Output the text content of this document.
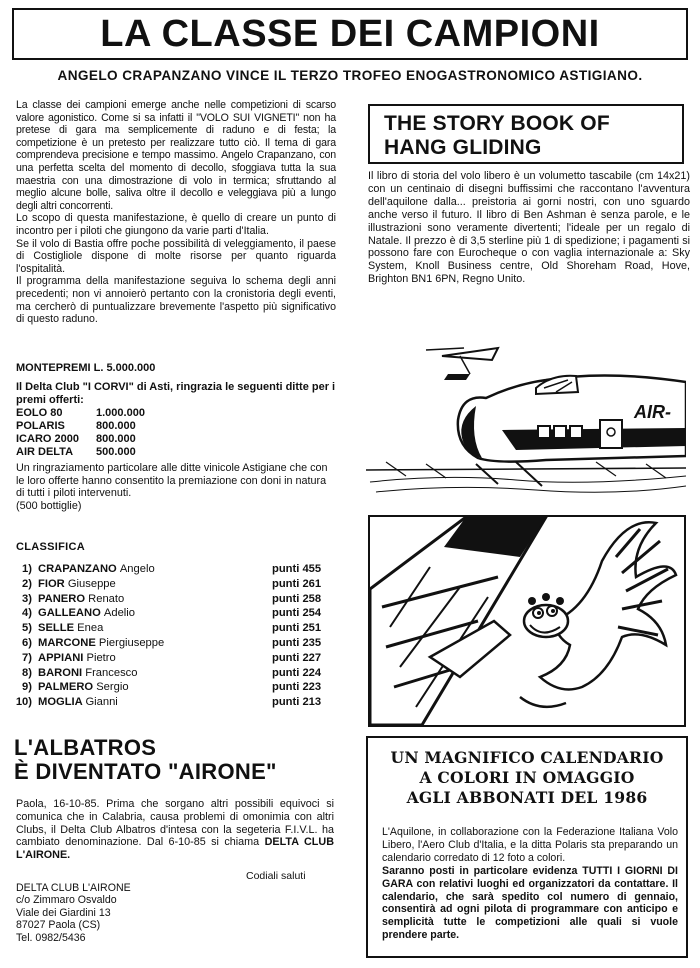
LA CLASSE DEI CAMPIONI
ANGELO CRAPANZANO VINCE IL TERZO TROFEO ENOGASTRONOMICO ASTIGIANO.

La classe dei campioni emerge anche nelle competizioni di scarso valore agonistico. Come si sa infatti il "VOLO SUI VIGNETI" non ha pretese di gara ma semplicemente di raduno e di festa; la competizione è un pretesto per realizzare tutto ciò. Il tema di gara comprendeva precisione e tempo massimo. Angelo Crapanzano, con una perfetta scelta del momento di decollo, sfoggiava tutta la sua maestria con una dimostrazione di volo in termica; sfruttando al meglio alcune bolle, saliva oltre il decollo e veleggiava più a lungo degli altri concorrenti.

Lo scopo di questa manifestazione, è quello di creare un punto di incontro per i piloti che giungono da varie parti d'Italia.

Se il volo di Bastia offre poche possibilità di veleggiamento, il paese di Costigliole dispone di molte risorse per quanto riguarda l'ospitalità.

Il programma della manifestazione seguiva lo schema degli anni precedenti; non vi annoierò pertanto con la cronistoria degli eventi, ma cercherò di puntualizzare brevemente l'aspetto più significativo di questo raduno.

MONTEPREMI L. 5.000.000
Il Delta Club "I CORVI" di Asti, ringrazia le seguenti ditte per i premi offerti:
EOLO 80	1.000.000
POLARIS	800.000
ICARO 2000	800.000
AIR DELTA	500.000
Un ringraziamento particolare alle ditte vinicole Astigiane che con le loro offerte hanno consentito la premiazione con doni in natura di tutti i piloti intervenuti.
(500 bottiglie)
CLASSIFICA
1) CRAPANZANO Angelo	punti 455
2) FIOR Giuseppe	punti 261
3) PANERO Renato	punti 258
4) GALLEANO Adelio	punti 254
5) SELLE Enea	punti 251
6) MARCONE Piergiuseppe	punti 235
7) APPIANI Pietro	punti 227
8) BARONI Francesco	punti 224
9) PALMERO Sergio	punti 223
10) MOGLIA Gianni	punti 213
L'ALBATROS
È DIVENTATO "AIRONE"
Paola, 16-10-85. Prima che sorgano altri possibili equivoci si comunica che in Calabria, causa problemi di omonimia con altri Clubs, il Delta Club Albatros d'intesa con la segeteria F.I.V.L. ha cambiato denominazione. Dal 6-10-85 si chiama DELTA CLUB L'AIRONE.
Codiali saluti
DELTA CLUB L'AIRONE
c/o Zimmaro Osvaldo
Viale dei Giardini 13
87027 Paola (CS)
Tel. 0982/5436
THE STORY BOOK OF
HANG GLIDING
Il libro di storia del volo libero è un volumetto tascabile (cm 14x21) con un centinaio di disegni buffissimi che raccontano l'avventura dell'aquilone dalla... preistoria ai gorni nostri, con uno sguardo anche verso il futuro. Il libro di Ben Ashman è senza parole, e le illustrazioni sono veramente divertenti; l'ideale per un regalo di Natale. Il prezzo è di 3,5 sterline più 1 di spedizione; i pagamenti si possono fare con Eurocheque o con vaglia internazionale a: Sky System, Knoll Business centre, Old Shoreham Road, Hove, Brighton BN1 6PN, Regno Unito.
AIR-
UN MAGNIFICO CALENDARIO
A COLORI IN OMAGGIO
AGLI ABBONATI DEL 1986
L'Aquilone, in collaborazione con la Federazione Italiana Volo Libero, l'Aero Club d'Italia, e la ditta Polaris sta preparando un calendario corredato di 12 foto a colori.
Saranno posti in particolare evidenza TUTTI I GIORNI DI GARA con relativi luoghi ed organizzatori da contattare. Il calendario, che sarà spedito col numero di gennaio, consentirà ad ogni pilota di programmare con anticipo e semplicità tutte le competizioni alle quali si vuole prendere parte.
